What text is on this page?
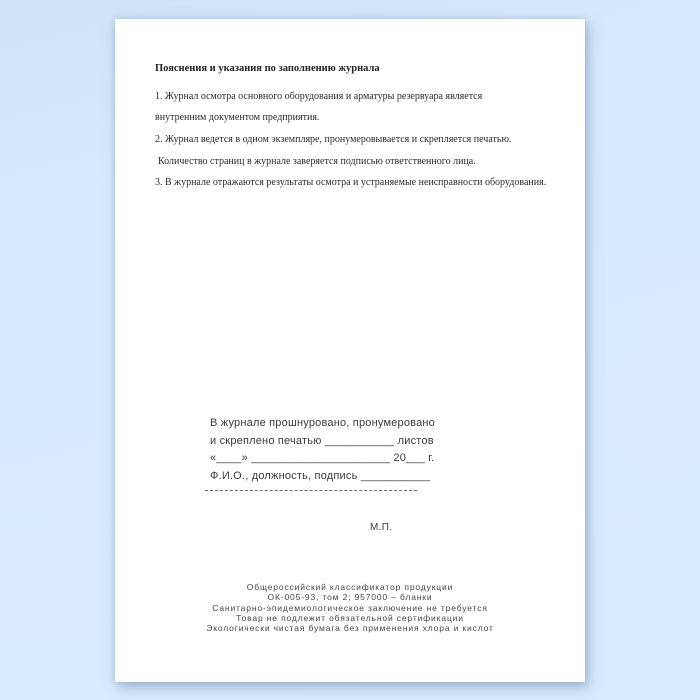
Пояснения и указания по заполнению журнала
1. Журнал осмотра основного оборудования и арматуры резервуара является
внутренним документом предприятия.
2. Журнал ведется в одном экземпляре, пронумеровывается и скрепляется печатью.
Количество страниц в журнале заверяется подписью ответственного лица.
3. В журнале отражаются результаты осмотра и устраняемые неисправности оборудования.
В журнале прошнуровано, пронумеровано
и скреплено печатью ___________ листов
«____» ______________________ 20___ г.
Ф.И.О., должность, подпись ___________
М.П.
Общероссийский классификатор продукции
ОК-005-93, том 2; 957000 – бланки
Санитарно-эпидемиологическое заключение не требуется
Товар не подлежит обязательной сертификации
Экологически чистая бумага без применения хлора и кислот
